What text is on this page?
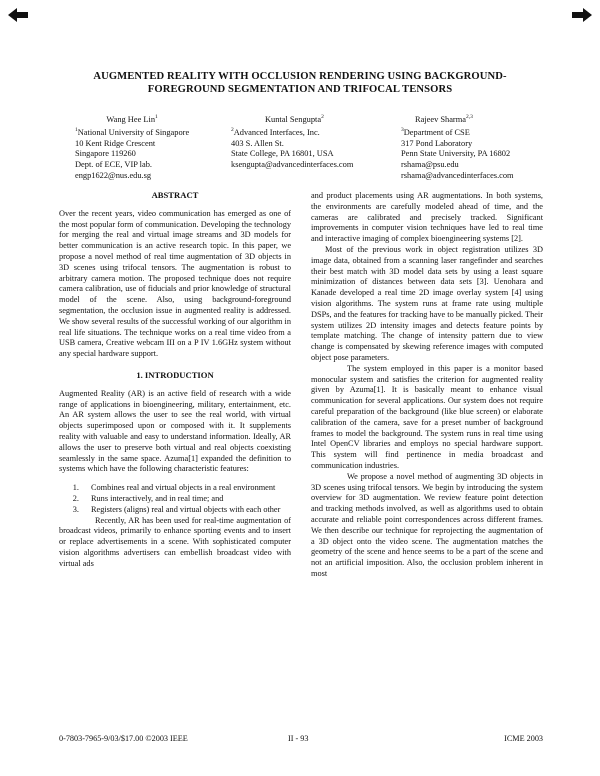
AUGMENTED REALITY WITH OCCLUSION RENDERING USING BACKGROUND-
FOREGROUND SEGMENTATION AND TRIFOCAL TENSORS
Wang Hee Lin$^1$
$^1$National University of Singapore
10 Kent Ridge Crescent
Singapore 119260
Dept. of ECE, VIP lab.
engp1622@nus.edu.sg
Kuntal Sengupta$^2$
$^2$Advanced Interfaces, Inc.
403 S. Allen St.
State College, PA 16801, USA
ksengupta@advancedinterfaces.com
Rajeev Sharma$^{2,3}$
$^3$Department of CSE
317 Pond Laboratory
Penn State University, PA 16802
rshama@psu.edu
rshama@advancedinterfaces.com
ABSTRACT

Over the recent years, video communication has emerged as one of the most popular form of communication. Developing the technology for merging the real and virtual image streams and 3D models for better communication is an active research topic. In this paper, we propose a novel method of real time augmentation of 3D objects in 3D scenes using trifocal tensors. The augmentation is robust to arbitrary camera motion. The proposed technique does not require camera calibration, use of fiducials and prior knowledge of structural model of the scene. Also, using background-foreground segmentation, the occlusion issue in augmented reality is addressed. We show several results of the successful working of our algorithm in real life situations. The technique works on a real time video from a USB camera, Creative webcam III on a P IV 1.6GHz system without any special hardware support.

1. INTRODUCTION

Augmented Reality (AR) is an active field of research with a wide range of applications in bioengineering, military, entertainment, etc. An AR system allows the user to see the real world, with virtual objects superimposed upon or composed with it. It supplements reality with valuable and easy to understand information. Ideally, AR allows the user to preserve both virtual and real objects coexisting seamlessly in the same space. Azuma[1] expanded the definition to systems which have the following characteristic features:

1. Combines real and virtual objects in a real environment
2. Runs interactively, and in real time; and
3. Registers (aligns) real and virtual objects with each other

Recently, AR has been used for real-time augmentation of broadcast videos, primarily to enhance sporting events and to insert or replace advertisements in a scene. With sophisticated computer vision algorithms advertisers can embellish broadcast video with virtual ads

and product placements using AR augmentations. In both systems, the environments are carefully modeled ahead of time, and the cameras are calibrated and precisely tracked. Significant improvements in computer vision techniques have led to real time and interactive imaging of complex bioengineering systems [2].

Most of the previous work in object registration utilizes 3D image data, obtained from a scanning laser rangefinder and searches their best match with 3D model data sets by using a least square minimization of distances between data sets [3]. Uenohara and Kanade developed a real time 2D image overlay system [4] using vision algorithms. The system runs at frame rate using multiple DSPs, and the features for tracking have to be manually picked. Their system utilizes 2D intensity images and detects feature points by template matching. The change of intensity pattern due to view change is compensated by skewing reference images with computed object pose parameters.

The system employed in this paper is a monitor based monocular system and satisfies the criterion for augmented reality given by Azuma[1]. It is basically meant to enhance visual communication for several applications. Our system does not require careful preparation of the background (like blue screen) or elaborate calibration of the camera, save for a preset number of background frames to model the background. The system runs in real time using Intel OpenCV libraries and employs no special hardware support. This system will find pertinence in media broadcast and communication industries.

We propose a novel method of augmenting 3D objects in 3D scenes using trifocal tensors. We begin by introducing the system overview for 3D augmentation. We review feature point detection and tracking methods involved, as well as algorithms used to obtain accurate and reliable point correspondences across different frames. We then describe our technique for reprojecting the augmentation of a 3D object onto the video scene. The augmentation matches the geometry of the scene and hence seems to be a part of the scene and not an artificial imposition. Also, the occlusion problem inherent in most

0-7803-7965-9/03/$17.00 ©2003 IEEE	II - 93	ICME 2003
